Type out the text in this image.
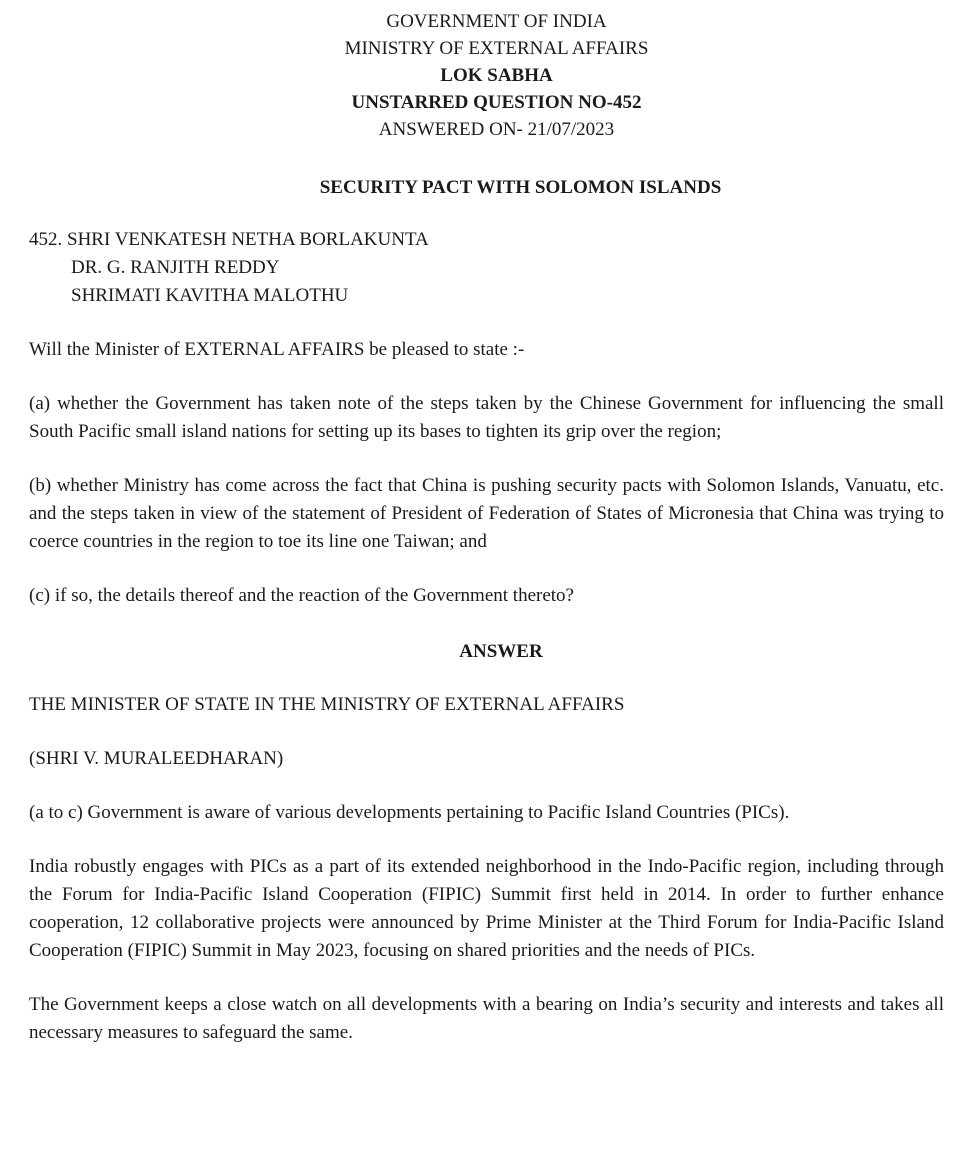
GOVERNMENT OF INDIA
MINISTRY OF EXTERNAL AFFAIRS
LOK SABHA
UNSTARRED QUESTION NO-452
ANSWERED ON- 21/07/2023
SECURITY PACT WITH SOLOMON ISLANDS
452. SHRI VENKATESH NETHA BORLAKUNTA
DR. G. RANJITH REDDY
SHRIMATI KAVITHA MALOTHU
Will the Minister of EXTERNAL AFFAIRS be pleased to state :-
(a) whether the Government has taken note of the steps taken by the Chinese Government for influencing the small South Pacific small island nations for setting up its bases to tighten its grip over the region;
(b) whether Ministry has come across the fact that China is pushing security pacts with Solomon Islands, Vanuatu, etc. and the steps taken in view of the statement of President of Federation of States of Micronesia that China was trying to coerce countries in the region to toe its line one Taiwan; and
(c) if so, the details thereof and the reaction of the Government thereto?
ANSWER
THE MINISTER OF STATE IN THE MINISTRY OF EXTERNAL AFFAIRS
(SHRI V. MURALEEDHARAN)
(a to c) Government is aware of various developments pertaining to Pacific Island Countries (PICs).
India robustly engages with PICs as a part of its extended neighborhood in the Indo-Pacific region, including through the Forum for India-Pacific Island Cooperation (FIPIC) Summit first held in 2014. In order to further enhance cooperation, 12 collaborative projects were announced by Prime Minister at the Third Forum for India-Pacific Island Cooperation (FIPIC) Summit in May 2023, focusing on shared priorities and the needs of PICs.
The Government keeps a close watch on all developments with a bearing on India’s security and interests and takes all necessary measures to safeguard the same.
